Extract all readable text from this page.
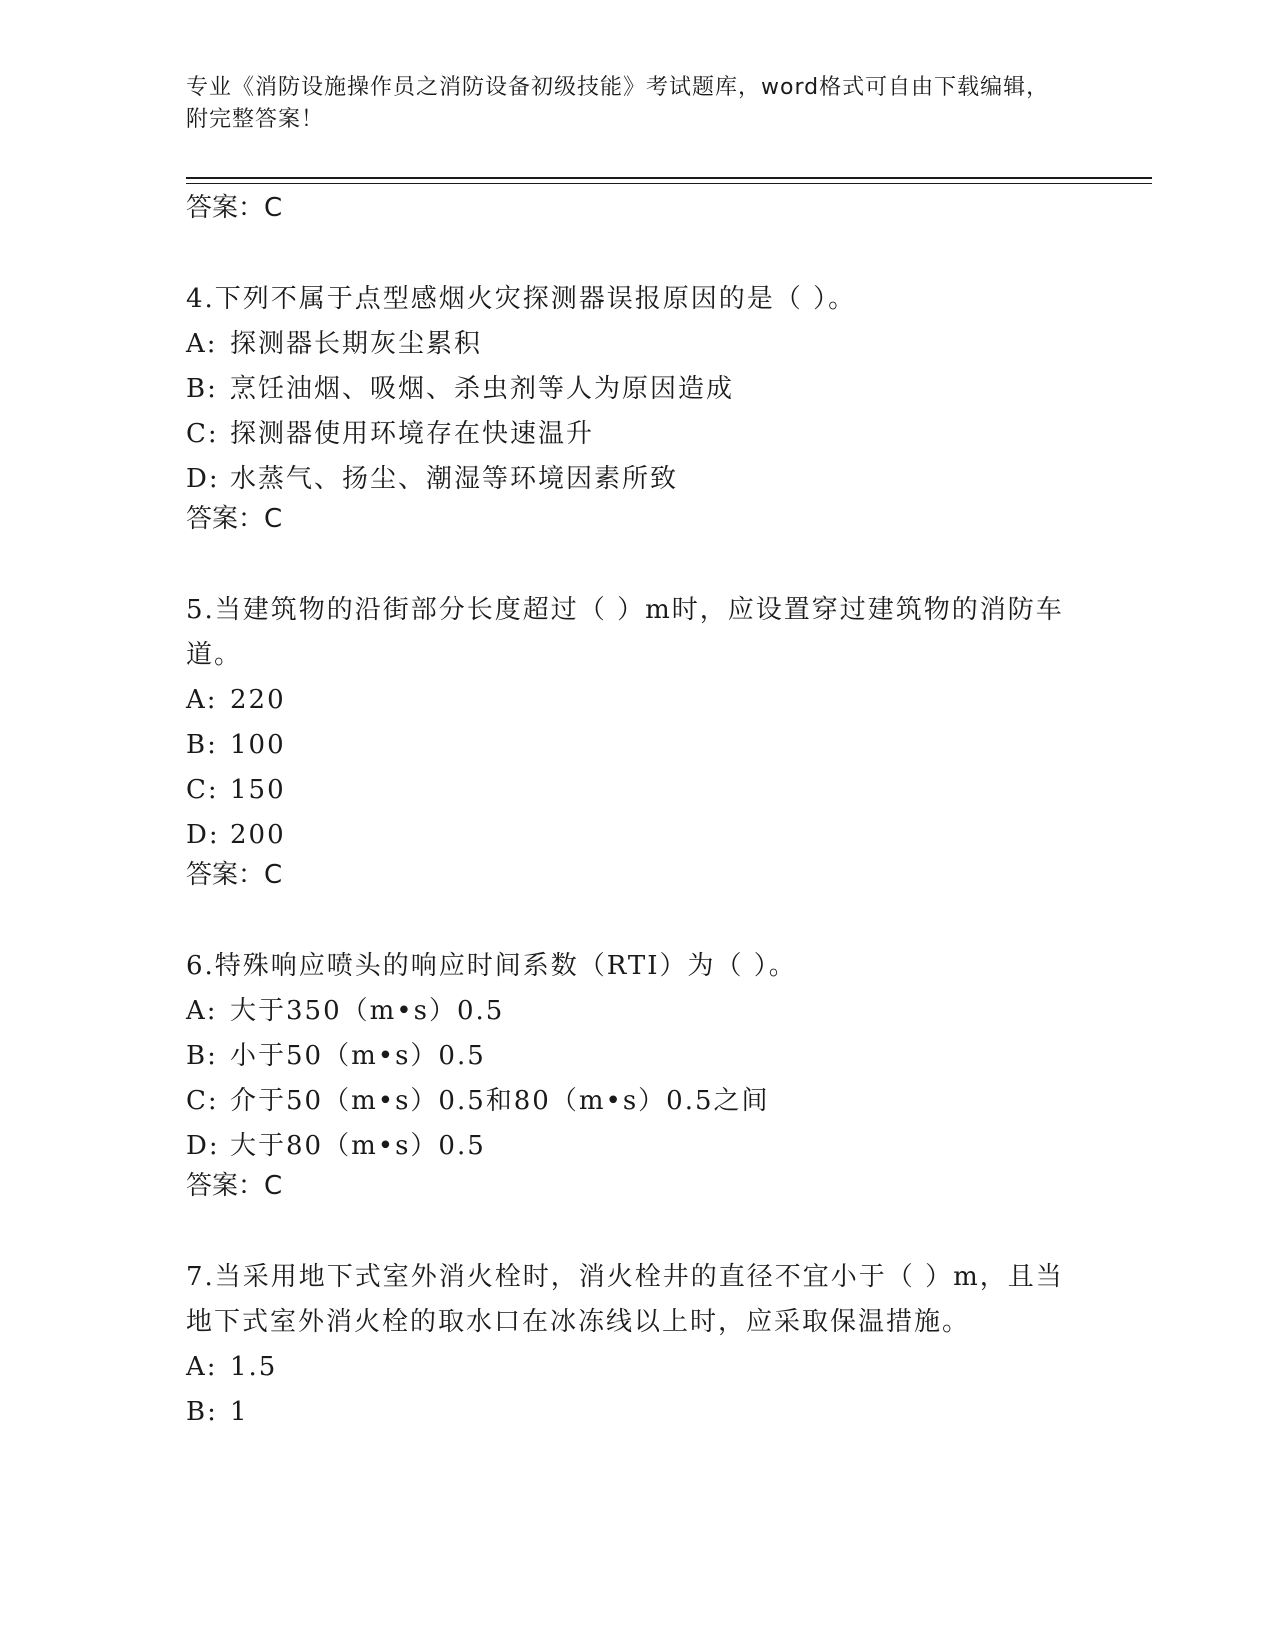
专业《消防设施操作员之消防设备初级技能》考试题库，word格式可自由下载编辑，附完整答案！

答案：C

4.下列不属于点型感烟火灾探测器误报原因的是（ ）。

A: 探测器长期灰尘累积

B: 烹饪油烟、吸烟、杀虫剂等人为原因造成

C: 探测器使用环境存在快速温升

D: 水蒸气、扬尘、潮湿等环境因素所致

答案：C

5.当建筑物的沿街部分长度超过（ ）m时，应设置穿过建筑物的消防车道。

A: 220

B: 100

C: 150

D: 200

答案：C

6.特殊响应喷头的响应时间系数（RTI）为（ ）。

A: 大于350（m•s）0.5

B: 小于50（m•s）0.5

C: 介于50（m•s）0.5和80（m•s）0.5之间

D: 大于80（m•s）0.5

答案：C

7.当采用地下式室外消火栓时，消火栓井的直径不宜小于（ ）m，且当地下式室外消火栓的取水口在冰冻线以上时，应采取保温措施。

A: 1.5

B: 1
